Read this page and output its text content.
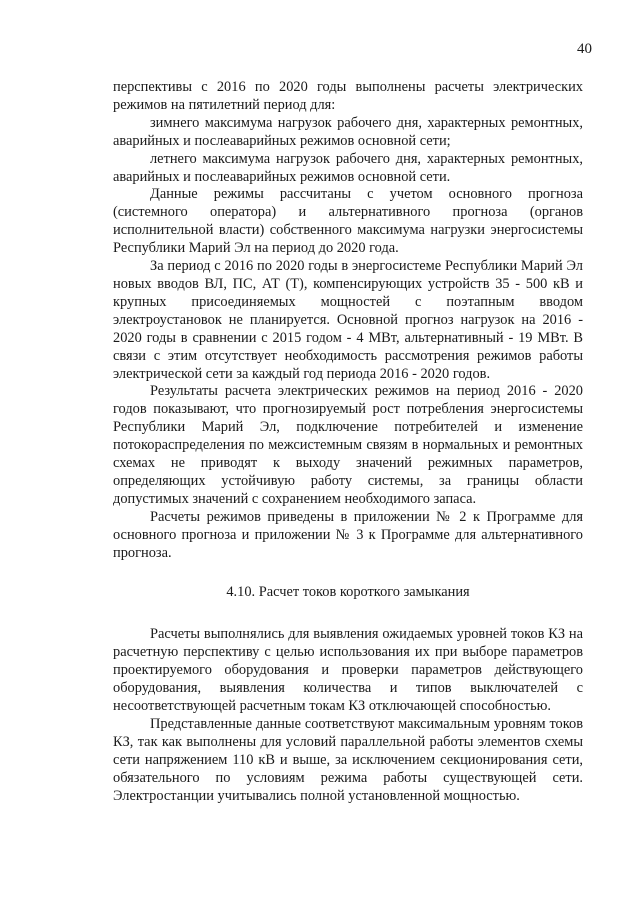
40

перспективы с 2016 по 2020 годы выполнены расчеты электрических режимов на пятилетний период для:

зимнего максимума нагрузок рабочего дня, характерных ремонтных, аварийных и послеаварийных режимов основной сети;

летнего максимума нагрузок рабочего дня, характерных ремонтных, аварийных и послеаварийных режимов основной сети.

Данные режимы рассчитаны с учетом основного прогноза (системного оператора) и альтернативного прогноза (органов исполнительной власти) собственного максимума нагрузки энергосистемы Республики Марий Эл на период до 2020 года.

За период с 2016 по 2020 годы в энергосистеме Республики Марий Эл новых вводов ВЛ, ПС, АТ (Т), компенсирующих устройств 35 - 500 кВ и крупных присоединяемых мощностей с поэтапным вводом электроустановок не планируется. Основной прогноз нагрузок на 2016 - 2020 годы в сравнении с 2015 годом - 4 МВт, альтернативный - 19 МВт. В связи с этим отсутствует необходимость рассмотрения режимов работы электрической сети за каждый год периода 2016 - 2020 годов.

Результаты расчета электрических режимов на период 2016 - 2020 годов показывают, что прогнозируемый рост потребления энергосистемы Республики Марий Эл, подключение потребителей и изменение потокораспределения по межсистемным связям в нормальных и ремонтных схемах не приводят к выходу значений режимных параметров, определяющих устойчивую работу системы, за границы области допустимых значений с сохранением необходимого запаса.

Расчеты режимов приведены в приложении № 2 к Программе для основного прогноза и приложении № 3 к Программе для альтернативного прогноза.

4.10. Расчет токов короткого замыкания

Расчеты выполнялись для выявления ожидаемых уровней токов КЗ на расчетную перспективу с целью использования их при выборе параметров проектируемого оборудования и проверки параметров действующего оборудования, выявления количества и типов выключателей с несоответствующей расчетным токам КЗ отключающей способностью.

Представленные данные соответствуют максимальным уровням токов КЗ, так как выполнены для условий параллельной работы элементов схемы сети напряжением 110 кВ и выше, за исключением секционирования сети, обязательного по условиям режима работы существующей сети. Электростанции учитывались полной установленной мощностью.
